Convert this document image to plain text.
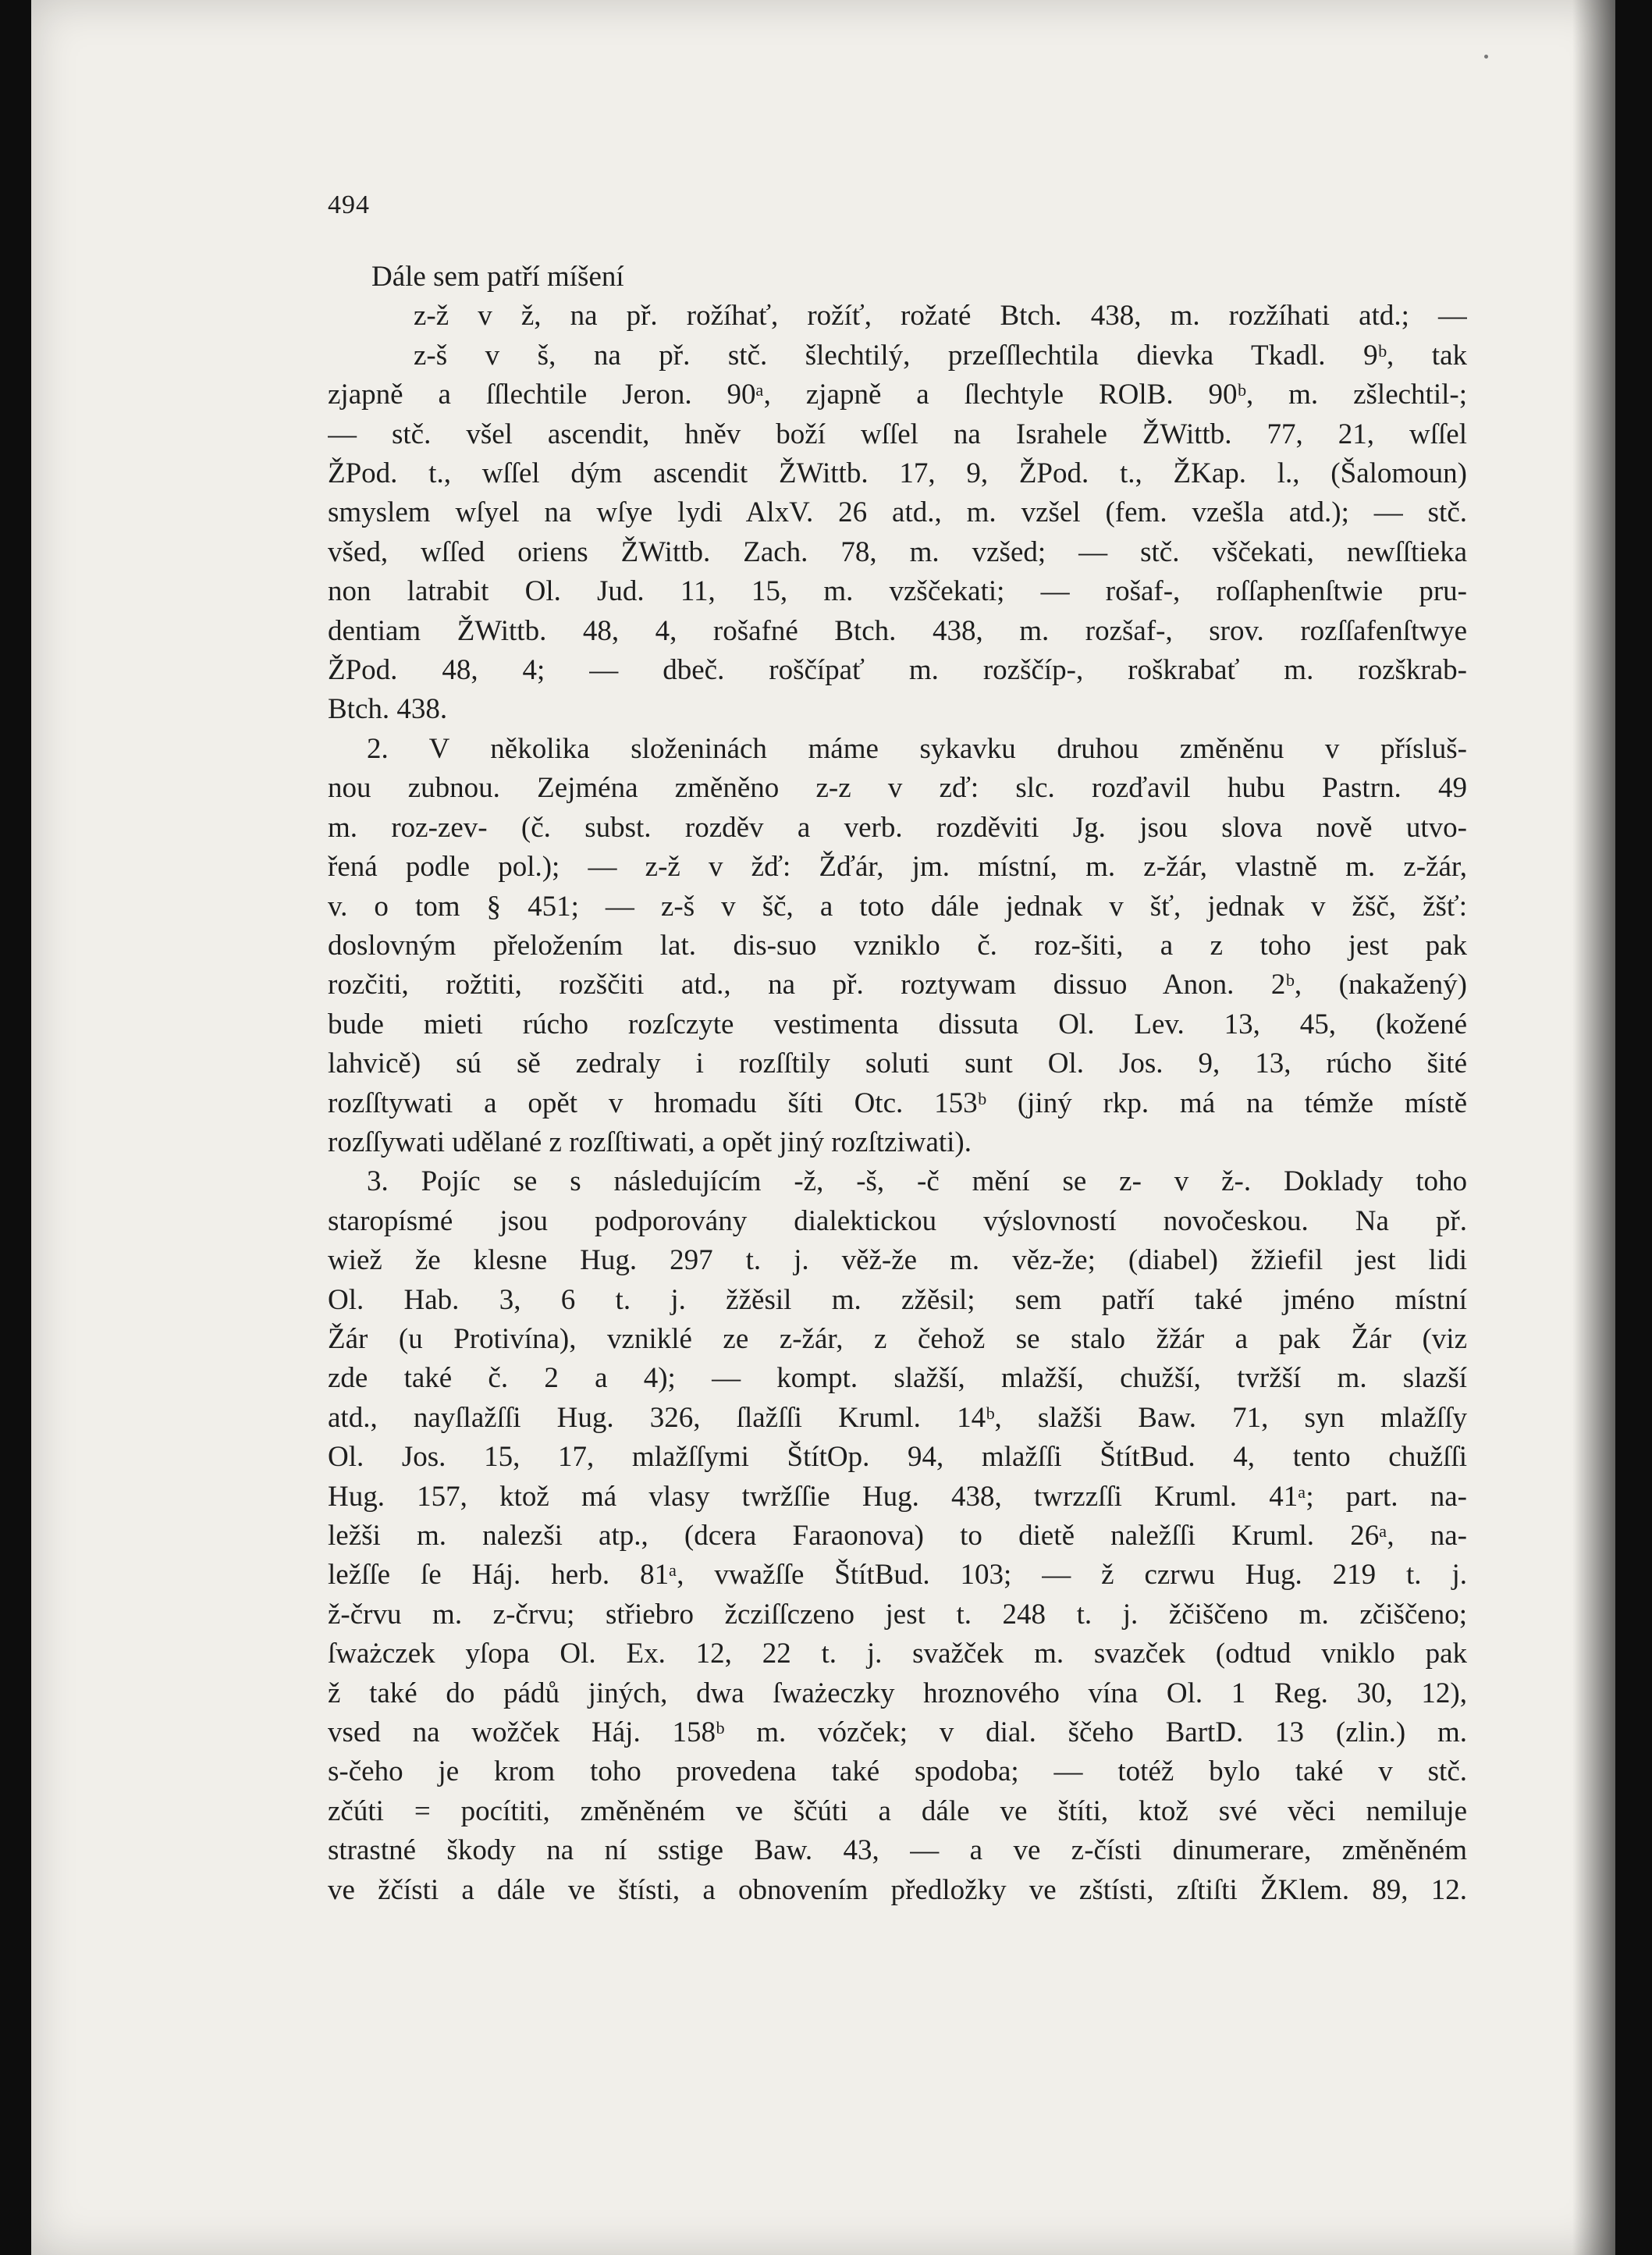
494
Dále sem patří míšení
z-ž v ž, na př. rožíhať, rožíť, rožaté Btch. 438, m. rozžíhati atd.; —
z-š v š, na př. stč. šlechtilý, przeſſlechtila dievka Tkadl. 9ᵇ, tak
zjapně a ſſlechtile Jeron. 90ᵃ, zjapně a ſlechtyle ROlB. 90ᵇ, m. zšlechtil-;
— stč. všel ascendit, hněv boží wſſel na Israhele ŽWittb. 77, 21, wſſel
ŽPod. t., wſſel dým ascendit ŽWittb. 17, 9, ŽPod. t., ŽKap. l., (Šalomoun)
smyslem wſyel na wſye lydi AlxV. 26 atd., m. vzšel (fem. vzešla atd.); — stč.
všed, wſſed oriens ŽWittb. Zach. 78, m. vzšed; — stč. vščekati, newſſtieka
non latrabit Ol. Jud. 11, 15, m. vzščekati; — rošaf-, roſſaphenſtwie pru-
dentiam ŽWittb. 48, 4, rošafné Btch. 438, m. rozšaf-, srov. rozſſafenſtwye
ŽPod. 48, 4; — dbeč. roščípať m. rozščíp-, roškrabať m. rozškrab-
Btch. 438.
2. V několika složeninách máme sykavku druhou změněnu v přísluš-
nou zubnou. Zejména změněno z-z v zď: slc. rozďavil hubu Pastrn. 49
m. roz-zev- (č. subst. rozděv a verb. rozděviti Jg. jsou slova nově utvo-
řená podle pol.); — z-ž v žď: Žďár, jm. místní, m. z-žár, vlastně m. z-žár,
v. o tom § 451; — z-š v šč, a toto dále jednak v šť, jednak v žšč, žšť:
doslovným přeložením lat. dis-suo vzniklo č. roz-šiti, a z toho jest pak
rozčiti, rožtiti, rozščiti atd., na př. roztywam dissuo Anon. 2ᵇ, (nakažený)
bude mieti rúcho rozſczyte vestimenta dissuta Ol. Lev. 13, 45, (kožené
lahvicě) sú sě zedraly i rozſſtily soluti sunt Ol. Jos. 9, 13, rúcho šité
rozſſtywati a opět v hromadu šíti Otc. 153ᵇ (jiný rkp. má na témže místě
rozſſywati udělané z rozſſtiwati, a opět jiný rozſtziwati).
3. Pojíc se s následujícím -ž, -š, -č mění se z- v ž-. Doklady toho
staropísmé jsou podporovány dialektickou výslovností novočeskou. Na př.
wiež že klesne Hug. 297 t. j. věž-že m. věz-že; (diabel) žžiefil jest lidi
Ol. Hab. 3, 6 t. j. žžěsil m. zžěsil; sem patří také jméno místní
Žár (u Protivína), vzniklé ze z-žár, z čehož se stalo žžár a pak Žár (viz
zde také č. 2 a 4); — kompt. slažší, mlažší, chužší, tvržší m. slazší
atd., nayſlažſſi Hug. 326, ſlažſſi Kruml. 14ᵇ, slažši Baw. 71, syn mlažſſy
Ol. Jos. 15, 17, mlažſſymi ŠtítOp. 94, mlažſſi ŠtítBud. 4, tento chužſſi
Hug. 157, ktož má vlasy twržſſie Hug. 438, twrzzſſi Kruml. 41ᵃ; part. na-
ležši m. nalezši atp., (dcera Faraonova) to dietě naležſſi Kruml. 26ᵃ, na-
ležſſe ſe Háj. herb. 81ᵃ, vwažſſe ŠtítBud. 103; — ž czrwu Hug. 219 t. j.
ž-črvu m. z-črvu; střiebro žcziſſczeno jest t. 248 t. j. žčiščeno m. zčiščeno;
ſważczek yſopa Ol. Ex. 12, 22 t. j. svažček m. svazček (odtud vniklo pak
ž také do pádů jiných, dwa ſważeczky hroznového vína Ol. 1 Reg. 30, 12),
vsed na wožček Háj. 158ᵇ m. vózček; v dial. ščeho BartD. 13 (zlin.) m.
s-čeho je krom toho provedena také spodoba; — totéž bylo také v stč.
zčúti = pocítiti, změněném ve ščúti a dále ve štíti, ktož své věci nemiluje
strastné škody na ní sstige Baw. 43, — a ve z-čísti dinumerare, změněném
ve žčísti a dále ve štísti, a obnovením předložky ve zštísti, zſtiſti ŽKlem. 89, 12.
